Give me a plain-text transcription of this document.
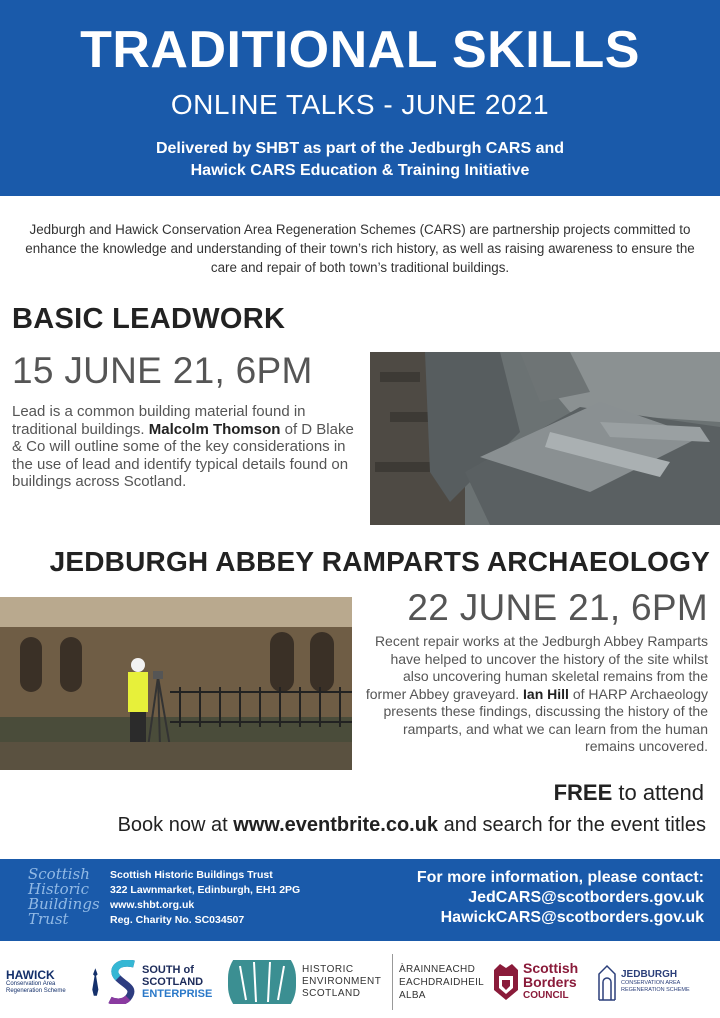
TRADITIONAL SKILLS
ONLINE TALKS - JUNE 2021
Delivered by SHBT as part of the Jedburgh CARS and
Hawick CARS Education & Training Initiative
Jedburgh and Hawick Conservation Area Regeneration Schemes (CARS) are partnership projects committed to enhance the knowledge and understanding of their town’s rich history, as well as raising awareness to ensure the care and repair of both town’s traditional buildings.
BASIC LEADWORK
15 JUNE 21, 6PM
Lead is a common building material found in traditional buildings. Malcolm Thomson of D Blake & Co will outline some of the key considerations in the use of lead and identify typical details found on buildings across Scotland.
JEDBURGH ABBEY RAMPARTS ARCHAEOLOGY
22 JUNE 21, 6PM
Recent repair works at the Jedburgh Abbey Ramparts have helped to uncover the history of the site whilst also uncovering human skeletal remains from the former Abbey graveyard. Ian Hill of HARP Archaeology presents these findings, discussing the history of the ramparts, and what we can learn from the human remains uncovered.
FREE to attend
Book now at www.eventbrite.co.uk and search for the event titles
Scottish
Historic
Buildings
Trust
Scottish Historic Buildings Trust
322 Lawnmarket, Edinburgh, EH1 2PG
www.shbt.org.uk
Reg. Charity No. SC034507
For more information, please contact:
JedCARS@scotborders.gov.uk
HawickCARS@scotborders.gov.uk
HAWICK
Conservation Area Regeneration Scheme
SOUTH of
SCOTLAND
ENTERPRISE
HISTORIC
ENVIRONMENT
SCOTLAND
ÀRAINNEACHD
EACHDRAIDHEIL
ALBA
Scottish
Borders
COUNCIL
JEDBURGH
CONSERVATION AREA
REGENERATION SCHEME
